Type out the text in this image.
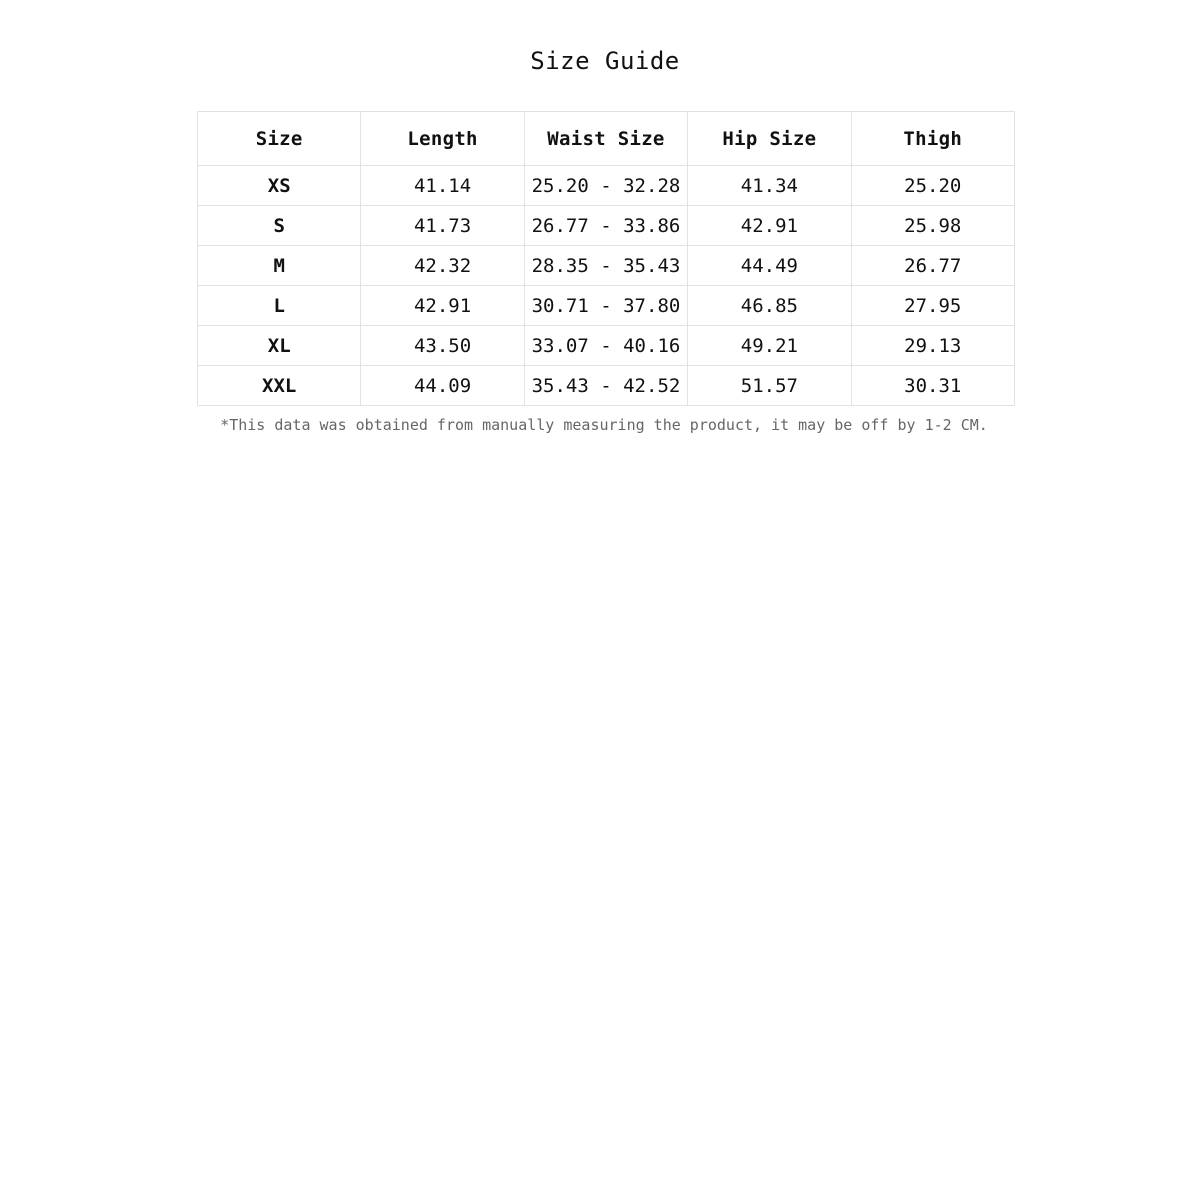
Size Guide
Size	Length	Waist Size	Hip Size	Thigh
XS	41.14	25.20 - 32.28	41.34	25.20
S	41.73	26.77 - 33.86	42.91	25.98
M	42.32	28.35 - 35.43	44.49	26.77
L	42.91	30.71 - 37.80	46.85	27.95
XL	43.50	33.07 - 40.16	49.21	29.13
XXL	44.09	35.43 - 42.52	51.57	30.31
*This data was obtained from manually measuring the product, it may be off by 1-2 CM.
